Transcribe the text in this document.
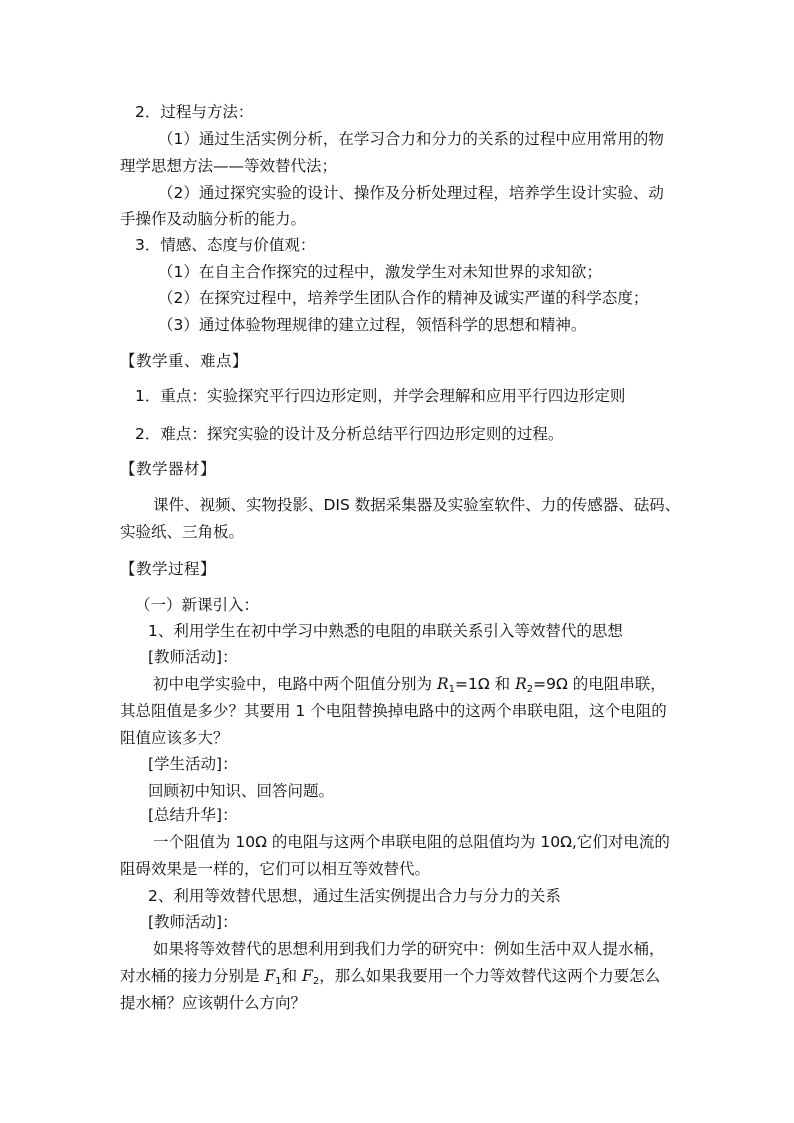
2．过程与方法：
（1）通过生活实例分析，在学习合力和分力的关系的过程中应用常用的物
理学思想方法——等效替代法；
（2）通过探究实验的设计、操作及分析处理过程，培养学生设计实验、动
手操作及动脑分析的能力。
3．情感、态度与价值观：
（1）在自主合作探究的过程中，激发学生对未知世界的求知欲；
（2）在探究过程中，培养学生团队合作的精神及诚实严谨的科学态度；
（3）通过体验物理规律的建立过程，领悟科学的思想和精神。
【教学重、难点】
1．重点：实验探究平行四边形定则，并学会理解和应用平行四边形定则
2．难点：探究实验的设计及分析总结平行四边形定则的过程。
【教学器材】
课件、视频、实物投影、DIS 数据采集器及实验室软件、力的传感器、砝码、
实验纸、三角板。
【教学过程】
（一）新课引入：
1、利用学生在初中学习中熟悉的电阻的串联关系引入等效替代的思想
[教师活动]：
初中电学实验中，电路中两个阻值分别为 $R_1=1\Omega$ 和 $R_2=9\Omega$ 的电阻串联，
其总阻值是多少？其要用 1 个电阻替换掉电路中的这两个串联电阻，这个电阻的
阻值应该多大？
[学生活动]：
回顾初中知识、回答问题。
[总结升华]：
一个阻值为 10Ω 的电阻与这两个串联电阻的总阻值均为 10Ω,它们对电流的
阻碍效果是一样的，它们可以相互等效替代。
2、利用等效替代思想，通过生活实例提出合力与分力的关系
[教师活动]：
如果将等效替代的思想利用到我们力学的研究中：例如生活中双人提水桶，
对水桶的接力分别是 $F_1$和 $F_2$，那么如果我要用一个力等效替代这两个力要怎么
提水桶？应该朝什么方向？
